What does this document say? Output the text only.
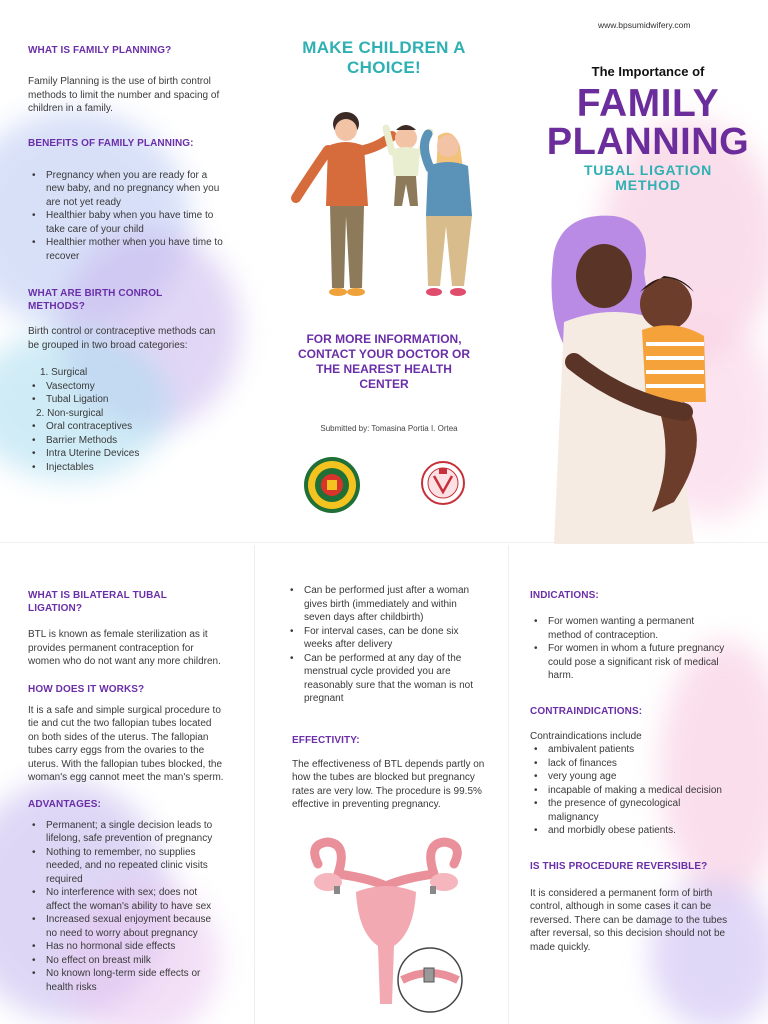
WHAT IS FAMILY PLANNING?
Family Planning is the use of birth control methods to limit the number and spacing of children in a family.
BENEFITS OF FAMILY PLANNING:
• Pregnancy when you are ready for a new baby, and no pregnancy when you are not yet ready
• Healthier baby when you have time to take care of your child
• Healthier mother when you have time to recover
WHAT ARE BIRTH CONROL
METHODS?
Birth control or contraceptive methods can be grouped in two broad categories:
1. Surgical
• Vasectomy
• Tubal Ligation
2. Non-surgical
• Oral contraceptives
• Barrier Methods
• Intra Uterine Devices
• Injectables
MAKE CHILDREN A CHOICE!
FOR MORE INFORMATION, CONTACT YOUR DOCTOR OR THE NEAREST HEALTH CENTER
Submitted by: Tomasina Portia I. Ortea
www.bpsumidwifery.com
The Importance of
FAMILY
PLANNING
TUBAL LIGATION
METHOD
WHAT IS BILATERAL TUBAL
LIGATION?
BTL is known as female sterilization as it provides permanent contraception for women who do not want any more children.
HOW DOES IT WORKS?
It is a safe and simple surgical procedure to tie and cut the two fallopian tubes located on both sides of the uterus. The fallopian tubes carry eggs from the ovaries to the uterus. With the fallopian tubes blocked, the woman's egg cannot meet the man's sperm.
ADVANTAGES:
• Permanent; a single decision leads to lifelong, safe prevention of pregnancy
• Nothing to remember, no supplies needed, and no repeated clinic visits required
• No interference with sex; does not affect the woman's ability to have sex
• Increased sexual enjoyment because no need to worry about pregnancy
• Has no hormonal side effects
• No effect on breast milk
• No known long-term side effects or health risks
• Can be performed just after a woman gives birth (immediately and within seven days after childbirth)
• For interval cases, can be done six weeks after delivery
• Can be performed at any day of the menstrual cycle provided you are reasonably sure that the woman is not pregnant
EFFECTIVITY:
The effectiveness of BTL depends partly on how the tubes are blocked but pregnancy rates are very low. The procedure is 99.5% effective in preventing pregnancy.
INDICATIONS:
• For women wanting a permanent method of contraception.
• For women in whom a future pregnancy could pose a significant risk of medical harm.
CONTRAINDICATIONS:
Contraindications include
• ambivalent patients
• lack of finances
• very young age
• incapable of making a medical decision
• the presence of gynecological malignancy
• and morbidly obese patients.
IS THIS PROCEDURE REVERSIBLE?
It is considered a permanent form of birth control, although in some cases it can be reversed. There can be damage to the tubes after reversal, so this decision should not be made quickly.
